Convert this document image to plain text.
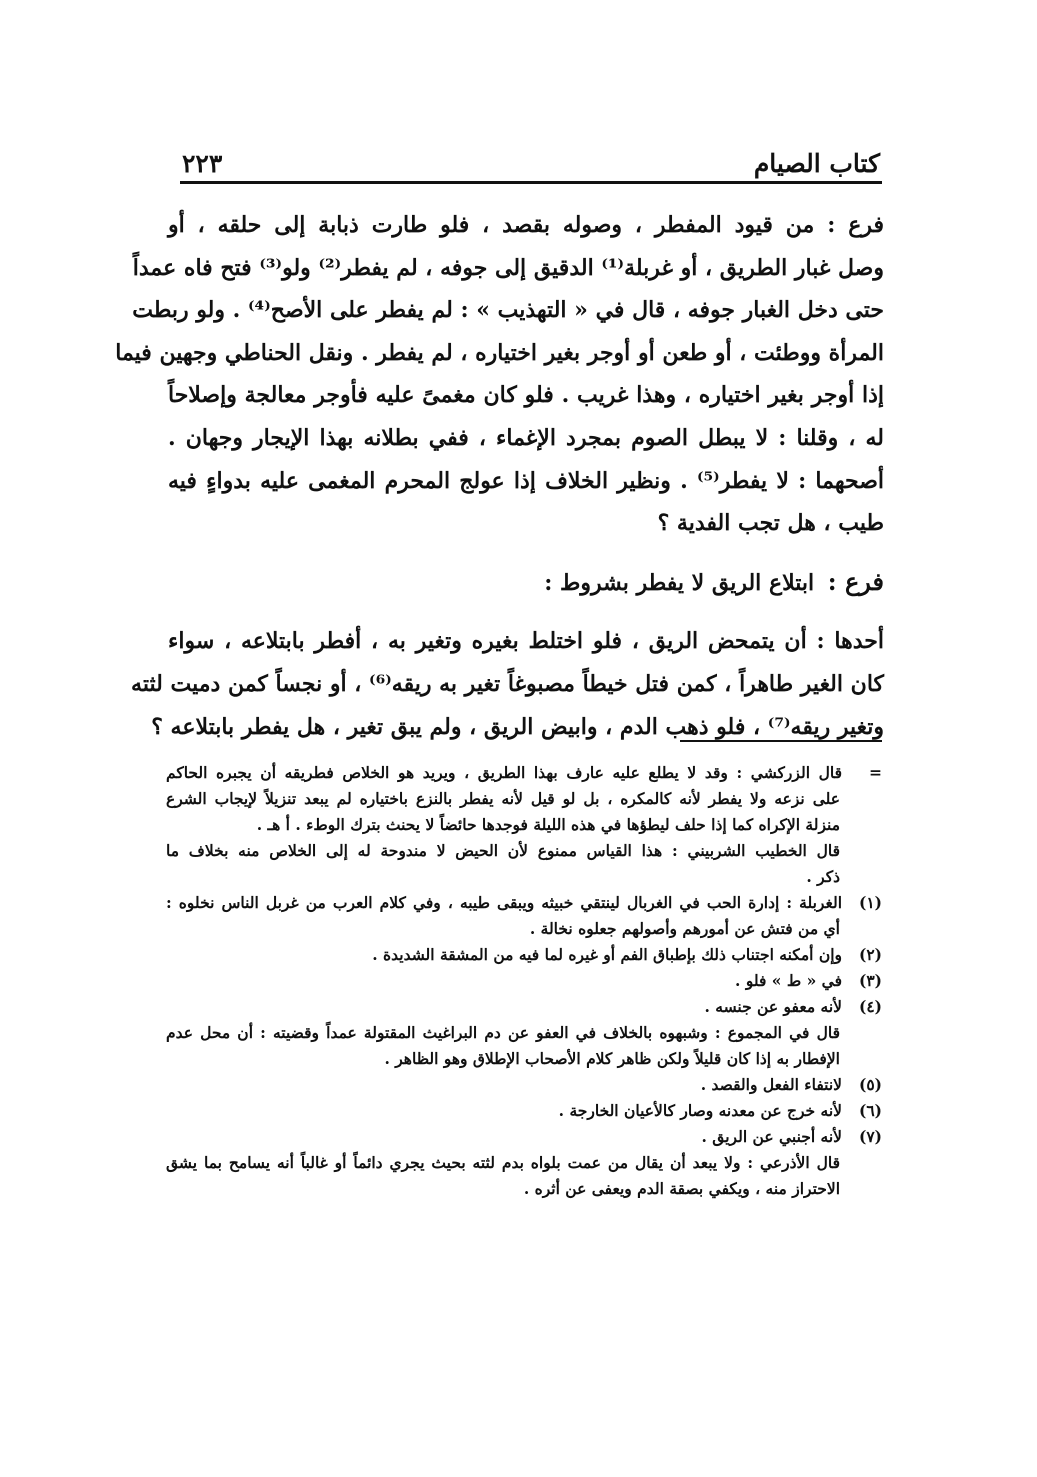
كتاب الصيام
٢٢٣
فرع : من قيود المفطر ، وصوله بقصد ، فلو طارت ذبابة إلى حلقه ، أو
وصل غبار الطريق ، أو غربلة⁽¹⁾ الدقيق إلى جوفه ، لم يفطر⁽²⁾ ولو⁽³⁾ فتح فاه عمداً
حتى دخل الغبار جوفه ، قال في « التهذيب » : لم يفطر على الأصح⁽⁴⁾ . ولو ربطت
المرأة ووطئت ، أو طعن أو أوجر بغير اختياره ، لم يفطر . ونقل الحناطي وجهين فيما
إذا أوجر بغير اختياره ، وهذا غريب . فلو كان مغمىً عليه فأوجر معالجة وإصلاحاً
له ، وقلنا : لا يبطل الصوم بمجرد الإغماء ، ففي بطلانه بهذا الإيجار وجهان .
أصحهما : لا يفطر⁽⁵⁾ . ونظير الخلاف إذا عولج المحرم المغمى عليه بدواءٍ فيه
طيب ، هل تجب الفدية ؟
فرع : ابتلاع الريق لا يفطر بشروط :
أحدها : أن يتمحض الريق ، فلو اختلط بغيره وتغير به ، أفطر بابتلاعه ، سواء
كان الغير طاهراً ، كمن فتل خيطاً مصبوغاً تغير به ريقه⁽⁶⁾ ، أو نجساً كمن دميت لثته
وتغير ريقه⁽⁷⁾ ، فلو ذهب الدم ، وابيض الريق ، ولم يبق تغير ، هل يفطر بابتلاعه ؟
=قال الزركشي : وقد لا يطلع عليه عارف بهذا الطريق ، ويريد هو الخلاص فطريقه أن يجبره الحاكم
على نزعه ولا يفطر لأنه كالمكره ، بل لو قيل لأنه يفطر بالنزع باختياره لم يبعد تنزيلاً لإيجاب الشرع
منزلة الإكراه كما إذا حلف ليطؤها في هذه الليلة فوجدها حائضاً لا يحنث بترك الوطء . أ هـ .
قال الخطيب الشربيني : هذا القياس ممنوع لأن الحيض لا مندوحة له إلى الخلاص منه بخلاف ما
ذكر .
(١)الغربلة : إدارة الحب في الغربال لينتقي خبيثه ويبقى طيبه ، وفي كلام العرب من غربل الناس نخلوه :
أي من فتش عن أمورهم وأصولهم جعلوه نخالة .
(٢)وإن أمكنه اجتناب ذلك بإطباق الفم أو غيره لما فيه من المشقة الشديدة .
(٣)في « ط » فلو .
(٤)لأنه معفو عن جنسه .
قال في المجموع : وشبهوه بالخلاف في العفو عن دم البراغيث المقتولة عمداً وقضيته : أن محل عدم
الإفطار به إذا كان قليلاً ولكن ظاهر كلام الأصحاب الإطلاق وهو الظاهر .
(٥)لانتفاء الفعل والقصد .
(٦)لأنه خرج عن معدنه وصار كالأعيان الخارجة .
(٧)لأنه أجنبي عن الريق .
قال الأذرعي : ولا يبعد أن يقال من عمت بلواه بدم لثته بحيث يجري دائماً أو غالباً أنه يسامح بما يشق
الاحتراز منه ، ويكفي بصقة الدم ويعفى عن أثره .
